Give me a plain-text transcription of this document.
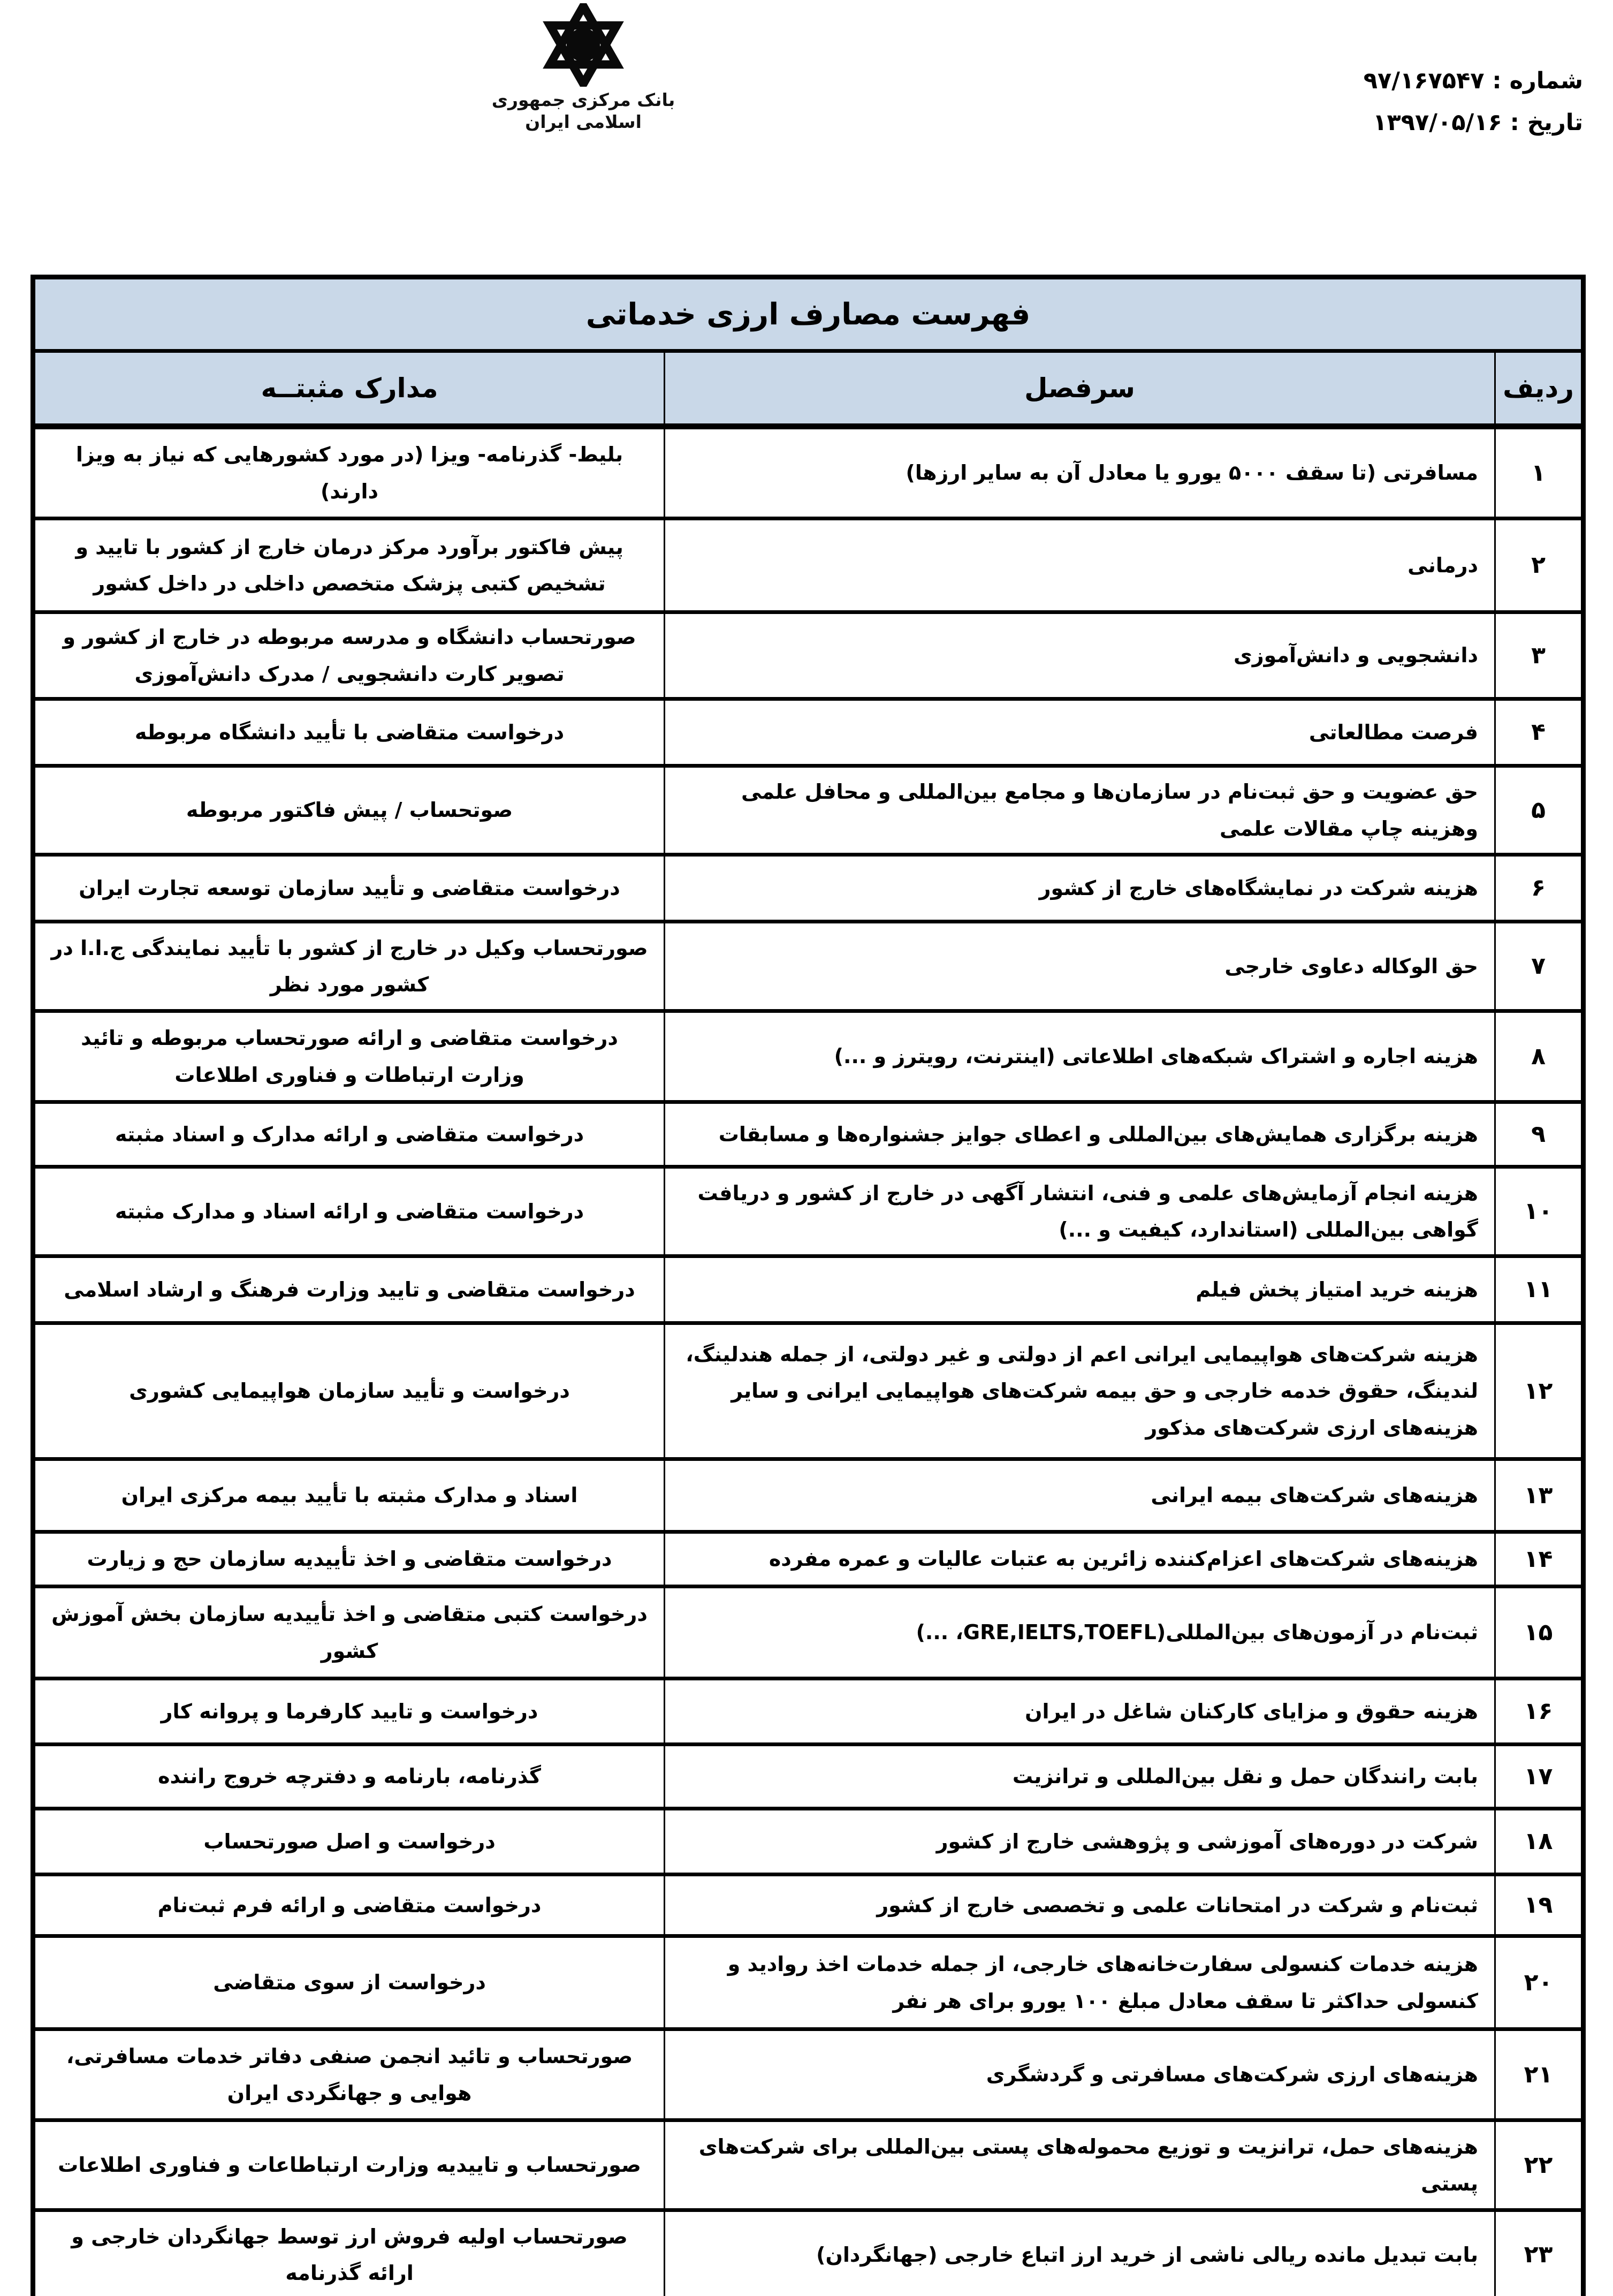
بانک مرکزی جمهوری اسلامی ایران
شماره : ۹۷/۱۶۷۵۴۷
تاریخ : ۱۳۹۷/۰۵/۱۶
فهرست مصارف ارزی خدماتی		
ردیف	سرفصل	مدارک مثبتــه
۱	مسافرتی (تا سقف ۵۰۰۰ یورو یا معادل آن به سایر ارزها)	بلیط- گذرنامه- ویزا (در مورد کشورهایی که نیاز به ویزا دارند)
۲	درمانی	پیش فاکتور برآورد مرکز درمان خارج از کشور با تایید و تشخیص کتبی پزشک متخصص داخلی در داخل کشور
۳	دانشجویی و دانش‌آموزی	صورتحساب دانشگاه و مدرسه مربوطه در خارج از کشور و تصویر کارت دانشجویی / مدرک دانش‌آموزی
۴	فرصت مطالعاتی	درخواست متقاضی با تأیید دانشگاه مربوطه
۵	حق عضویت و حق ثبت‌نام در سازمان‌ها و مجامع بین‌المللی و محافل علمی وهزینه چاپ مقالات علمی	صوتحساب / پیش فاکتور مربوطه
۶	هزینه شرکت در نمایشگاه‌های خارج از کشور	درخواست متقاضی و تأیید سازمان توسعه تجارت ایران
۷	حق الوکاله دعاوی خارجی	صورتحساب وکیل در خارج از کشور با تأیید نمایندگی ج.ا.ا در کشور مورد نظر
۸	هزینه اجاره و اشتراک شبکه‌های اطلاعاتی (اینترنت، رویترز و ...)	درخواست متقاضی و ارائه صورتحساب مربوطه و تائید وزارت ارتباطات و فناوری اطلاعات
۹	هزینه برگزاری همایش‌های بین‌المللی و اعطای جوایز جشنواره‌ها و مسابقات	درخواست متقاضی و ارائه مدارک و اسناد مثبته
۱۰	هزینه انجام آزمایش‌های علمی و فنی، انتشار آگهی در خارج از کشور و دریافت گواهی بین‌المللی (استاندارد، کیفیت و ...)	درخواست متقاضی و ارائه اسناد و مدارک مثبته
۱۱	هزینه خرید امتیاز پخش فیلم	درخواست متقاضی و تایید وزارت فرهنگ و ارشاد اسلامی
۱۲	هزینه شرکت‌های هواپیمایی ایرانی اعم از دولتی و غیر دولتی، از جمله هندلینگ، لندینگ، حقوق خدمه خارجی و حق بیمه شرکت‌های هواپیمایی ایرانی و سایر هزینه‌های ارزی شرکت‌های مذکور	درخواست و تأیید سازمان هواپیمایی کشوری
۱۳	هزینه‌های شرکت‌های بیمه ایرانی	اسناد و مدارک مثبته با تأیید بیمه مرکزی ایران
۱۴	هزینه‌های شرکت‌های اعزام‌کننده زائرین به عتبات عالیات و عمره مفرده	درخواست متقاضی و اخذ تأییدیه سازمان حج و زیارت
۱۵	ثبت‌نام در آزمون‌های بین‌المللی(GRE,IELTS,TOEFL، ...)	درخواست کتبی متقاضی و اخذ تأییدیه سازمان بخش آموزش کشور
۱۶	هزینه حقوق و مزایای کارکنان شاغل در ایران	درخواست و تایید کارفرما و پروانه کار
۱۷	بابت رانندگان حمل و نقل بین‌المللی و ترانزیت	گذرنامه، بارنامه و دفترچه خروج راننده
۱۸	شرکت در دوره‌های آموزشی و پژوهشی خارج از کشور	درخواست و اصل صورتحساب
۱۹	ثبت‌نام و شرکت در امتحانات علمی و تخصصی خارج از کشور	درخواست متقاضی و ارائه فرم ثبت‌نام
۲۰	هزینه خدمات کنسولی سفارت‌خانه‌های خارجی، از جمله خدمات اخذ روادید و کنسولی حداکثر تا سقف معادل مبلغ ۱۰۰ یورو برای هر نفر	درخواست از سوی متقاضی
۲۱	هزینه‌های ارزی شرکت‌های مسافرتی و گردشگری	صورتحساب و تائید انجمن صنفی دفاتر خدمات مسافرتی، هوایی و جهانگردی ایران
۲۲	هزینه‌های حمل، ترانزیت و توزیع محموله‌های پستی بین‌المللی برای شرکت‌های پستی	صورتحساب و تاییدیه وزارت ارتباطاعات و فناوری اطلاعات
۲۳	بابت تبدیل مانده ریالی ناشی از خرید ارز اتباع خارجی (جهانگردان)	صورتحساب اولیه فروش ارز توسط جهانگردان خارجی و ارائه گذرنامه
